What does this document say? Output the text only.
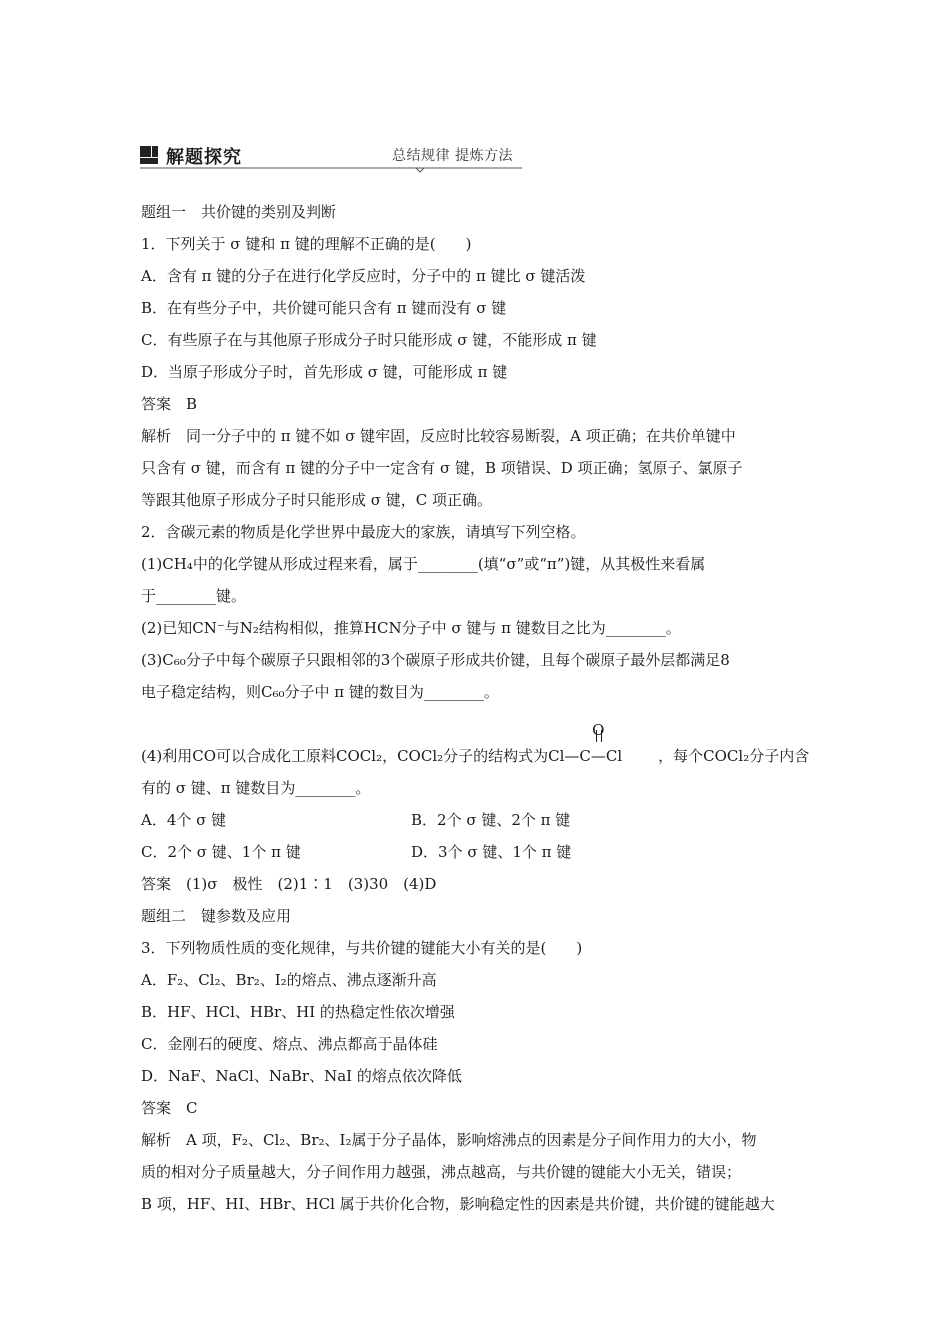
解题探究	总结规律 提炼方法
题组一　共价键的类别及判断
1．下列关于 σ 键和 π 键的理解不正确的是(　　)
A．含有 π 键的分子在进行化学反应时，分子中的 π 键比 σ 键活泼
B．在有些分子中，共价键可能只含有 π 键而没有 σ 键
C．有些原子在与其他原子形成分子时只能形成 σ 键，不能形成 π 键
D．当原子形成分子时，首先形成 σ 键，可能形成 π 键
答案　B
解析　同一分子中的 π 键不如 σ 键牢固，反应时比较容易断裂，A 项正确；在共价单键中
只含有 σ 键，而含有 π 键的分子中一定含有 σ 键，B 项错误、D 项正确；氢原子、氯原子
等跟其他原子形成分子时只能形成 σ 键，C 项正确。
2．含碳元素的物质是化学世界中最庞大的家族，请填写下列空格。
(1)CH₄中的化学键从形成过程来看，属于________(填“σ”或“π”)键，从其极性来看属
于________键。
(2)已知CN⁻与N₂结构相似，推算HCN分子中 σ 键与 π 键数目之比为________。
(3)C₆₀分子中每个碳原子只跟相邻的3个碳原子形成共价键，且每个碳原子最外层都满足8
电子稳定结构，则C₆₀分子中 π 键的数目为________。
(4)利用CO可以合成化工原料COCl₂，COCl₂分子的结构式为
O
Cl—C—Cl ，每个COCl₂分子内含
有的 σ 键、π 键数目为________。
A．4个 σ 键	B．2个 σ 键、2个 π 键
C．2个 σ 键、1个 π 键	D．3个 σ 键、1个 π 键
答案　(1)σ　极性　(2)1∶1　(3)30　(4)D
题组二　键参数及应用
3．下列物质性质的变化规律，与共价键的键能大小有关的是(　　)
A．F₂、Cl₂、Br₂、I₂的熔点、沸点逐渐升高
B．HF、HCl、HBr、HI 的热稳定性依次增强
C．金刚石的硬度、熔点、沸点都高于晶体硅
D．NaF、NaCl、NaBr、NaI 的熔点依次降低
答案　C
解析　A 项，F₂、Cl₂、Br₂、I₂属于分子晶体，影响熔沸点的因素是分子间作用力的大小，物
质的相对分子质量越大，分子间作用力越强，沸点越高，与共价键的键能大小无关，错误；
B 项，HF、HI、HBr、HCl 属于共价化合物，影响稳定性的因素是共价键，共价键的键能越大
